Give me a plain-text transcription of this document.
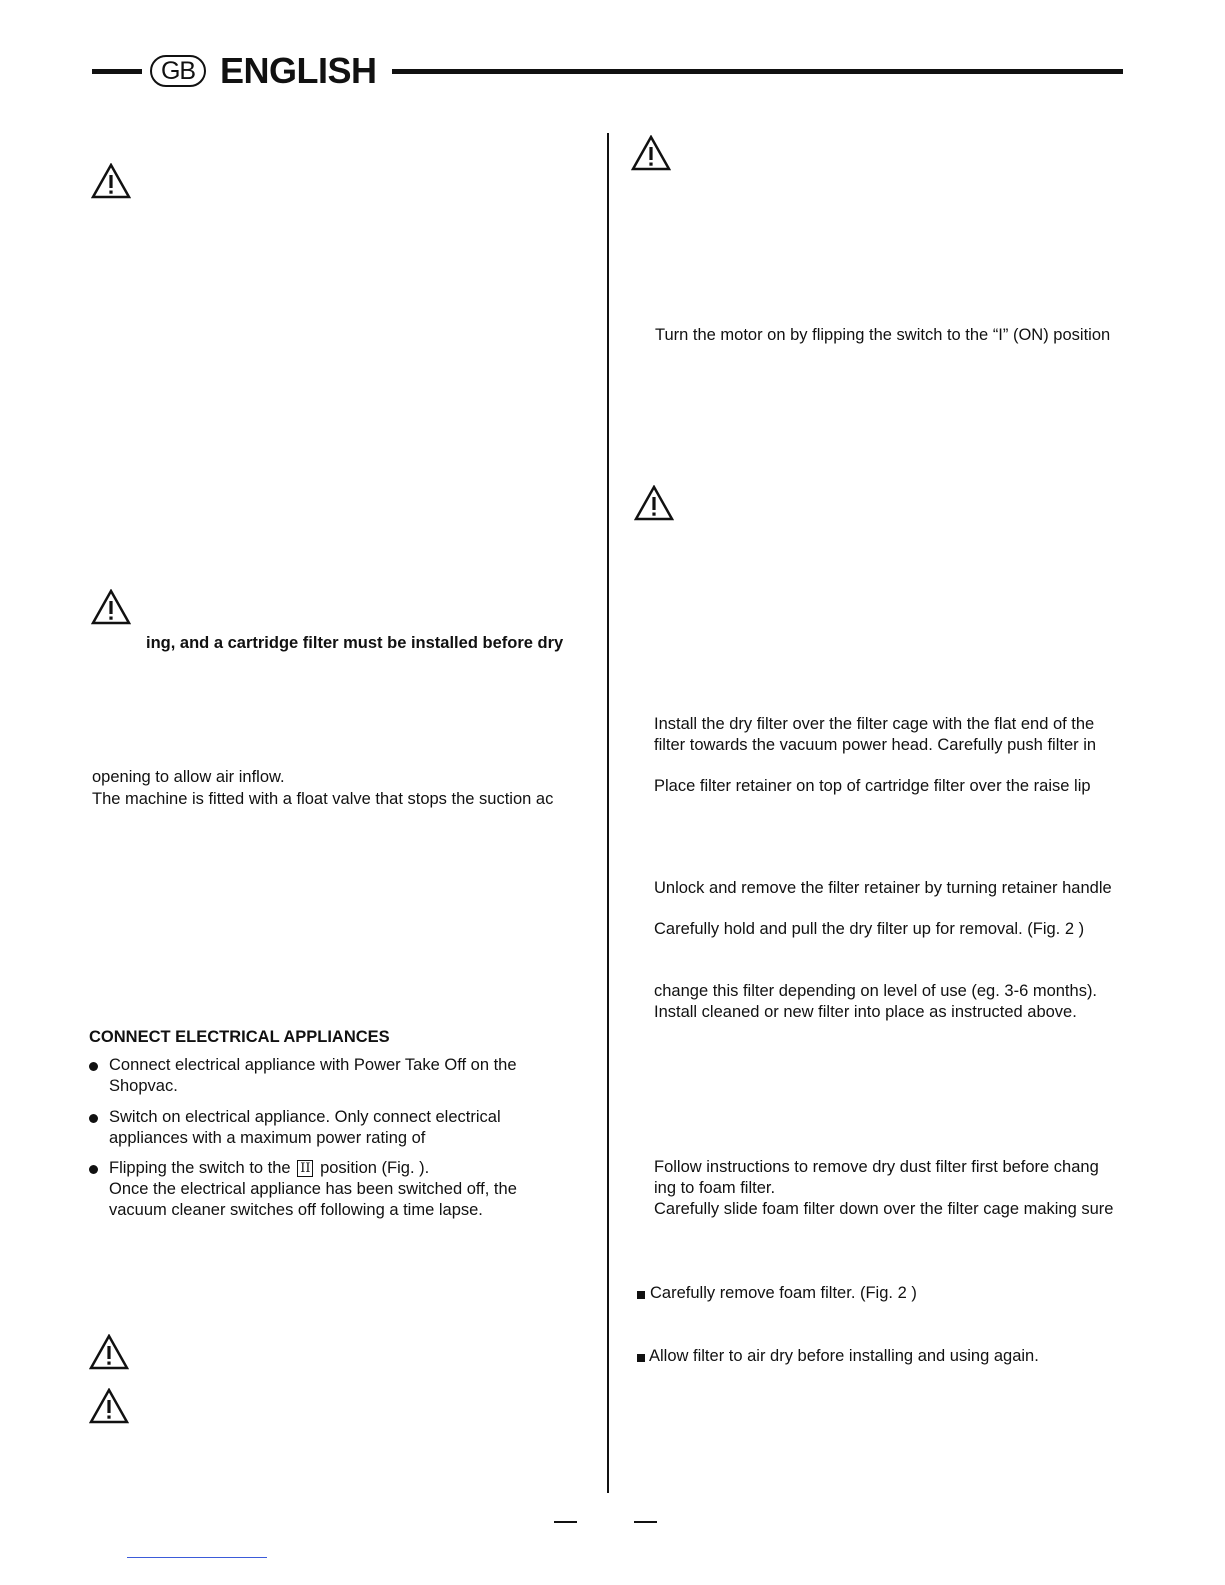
GB ENGLISH
ing, and a cartridge filter must be installed before dry
opening to allow air inflow.
The machine is fitted with a float valve that stops the suction ac
CONNECT ELECTRICAL APPLIANCES
Connect electrical appliance with Power Take Off on the
Shopvac.
Switch on electrical appliance. Only connect electrical
appliances with a maximum power rating of
Flipping the switch to the II position (Fig. ).
Once the electrical appliance has been switched off, the
vacuum cleaner switches off following a time lapse.
Turn the motor on by flipping the switch to the “I” (ON) position
Install the dry filter over the filter cage with the flat end of the
filter towards the vacuum power head. Carefully push filter in
Place filter retainer on top of cartridge filter over the raise lip
Unlock and remove the filter retainer by turning retainer handle
Carefully hold and pull the dry filter up for removal. (Fig. 2 )
change this filter depending on level of use (eg. 3-6 months).
Install cleaned or new filter into place as instructed above.
Follow instructions to remove dry dust filter first before chang
ing to foam filter.
Carefully slide foam filter down over the filter cage making sure
Carefully remove foam filter. (Fig. 2 )
Allow filter to air dry before installing and using again.
